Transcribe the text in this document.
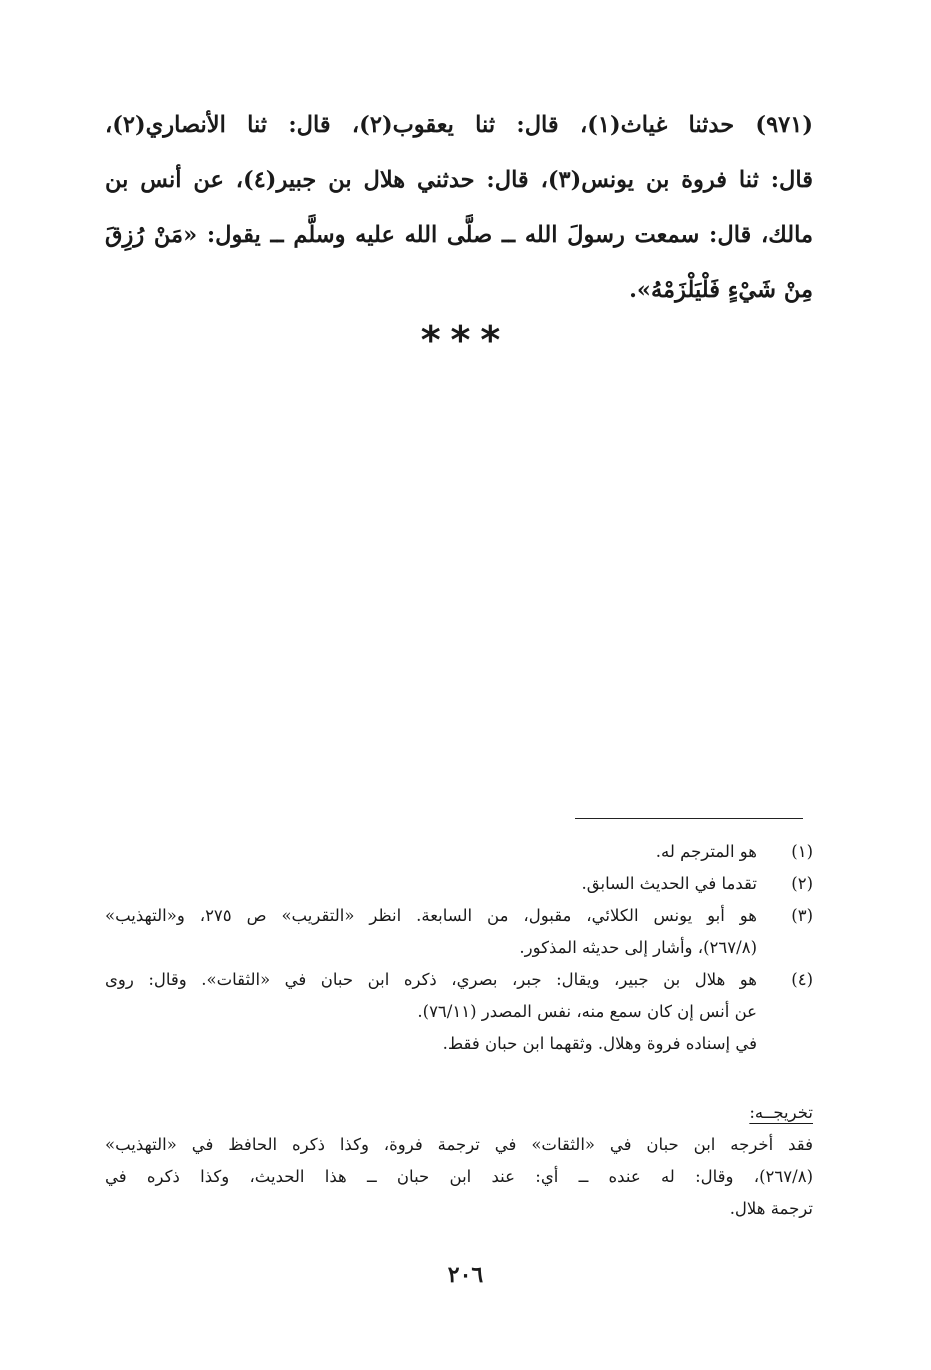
(٩٧١) حدثنا غياث(١)، قال: ثنا يعقوب(٢)، قال: ثنا الأنصاري(٢)،
قال: ثنا فروة بن يونس(٣)، قال: حدثني هلال بن جبير(٤)، عن أنس بن
مالك، قال: سمعت رسولَ الله ــ صلَّى الله عليه وسلَّم ــ يقول: «مَنْ رُزِقَ
مِنْ شَيْءٍ فَلْيَلْزَمْهُ».
***
(١)
هو المترجم له.
(٢)
تقدما في الحديث السابق.
(٣)
هو أبو يونس الكلائي، مقبول، من السابعة. انظر «التقريب» ص ٢٧٥، و«التهذيب»
(٢٦٧/٨)، وأشار إلى حديثه المذكور.
(٤)
هو هلال بن جبير، ويقال: جبر، بصري، ذكره ابن حبان في «الثقات». وقال: روى
عن أنس إن كان سمع منه، نفس المصدر (٧٦/١١).
في إسناده فروة وهلال. وثقهما ابن حبان فقط.
تخريجــه:
فقد أخرجه ابن حبان في «الثقات» في ترجمة فروة، وكذا ذكره الحافظ في «التهذيب»
(٢٦٧/٨)، وقال: له عنده ــ أي: عند ابن حبان ــ هذا الحديث، وكذا ذكره في
ترجمة هلال.
٢٠٦
